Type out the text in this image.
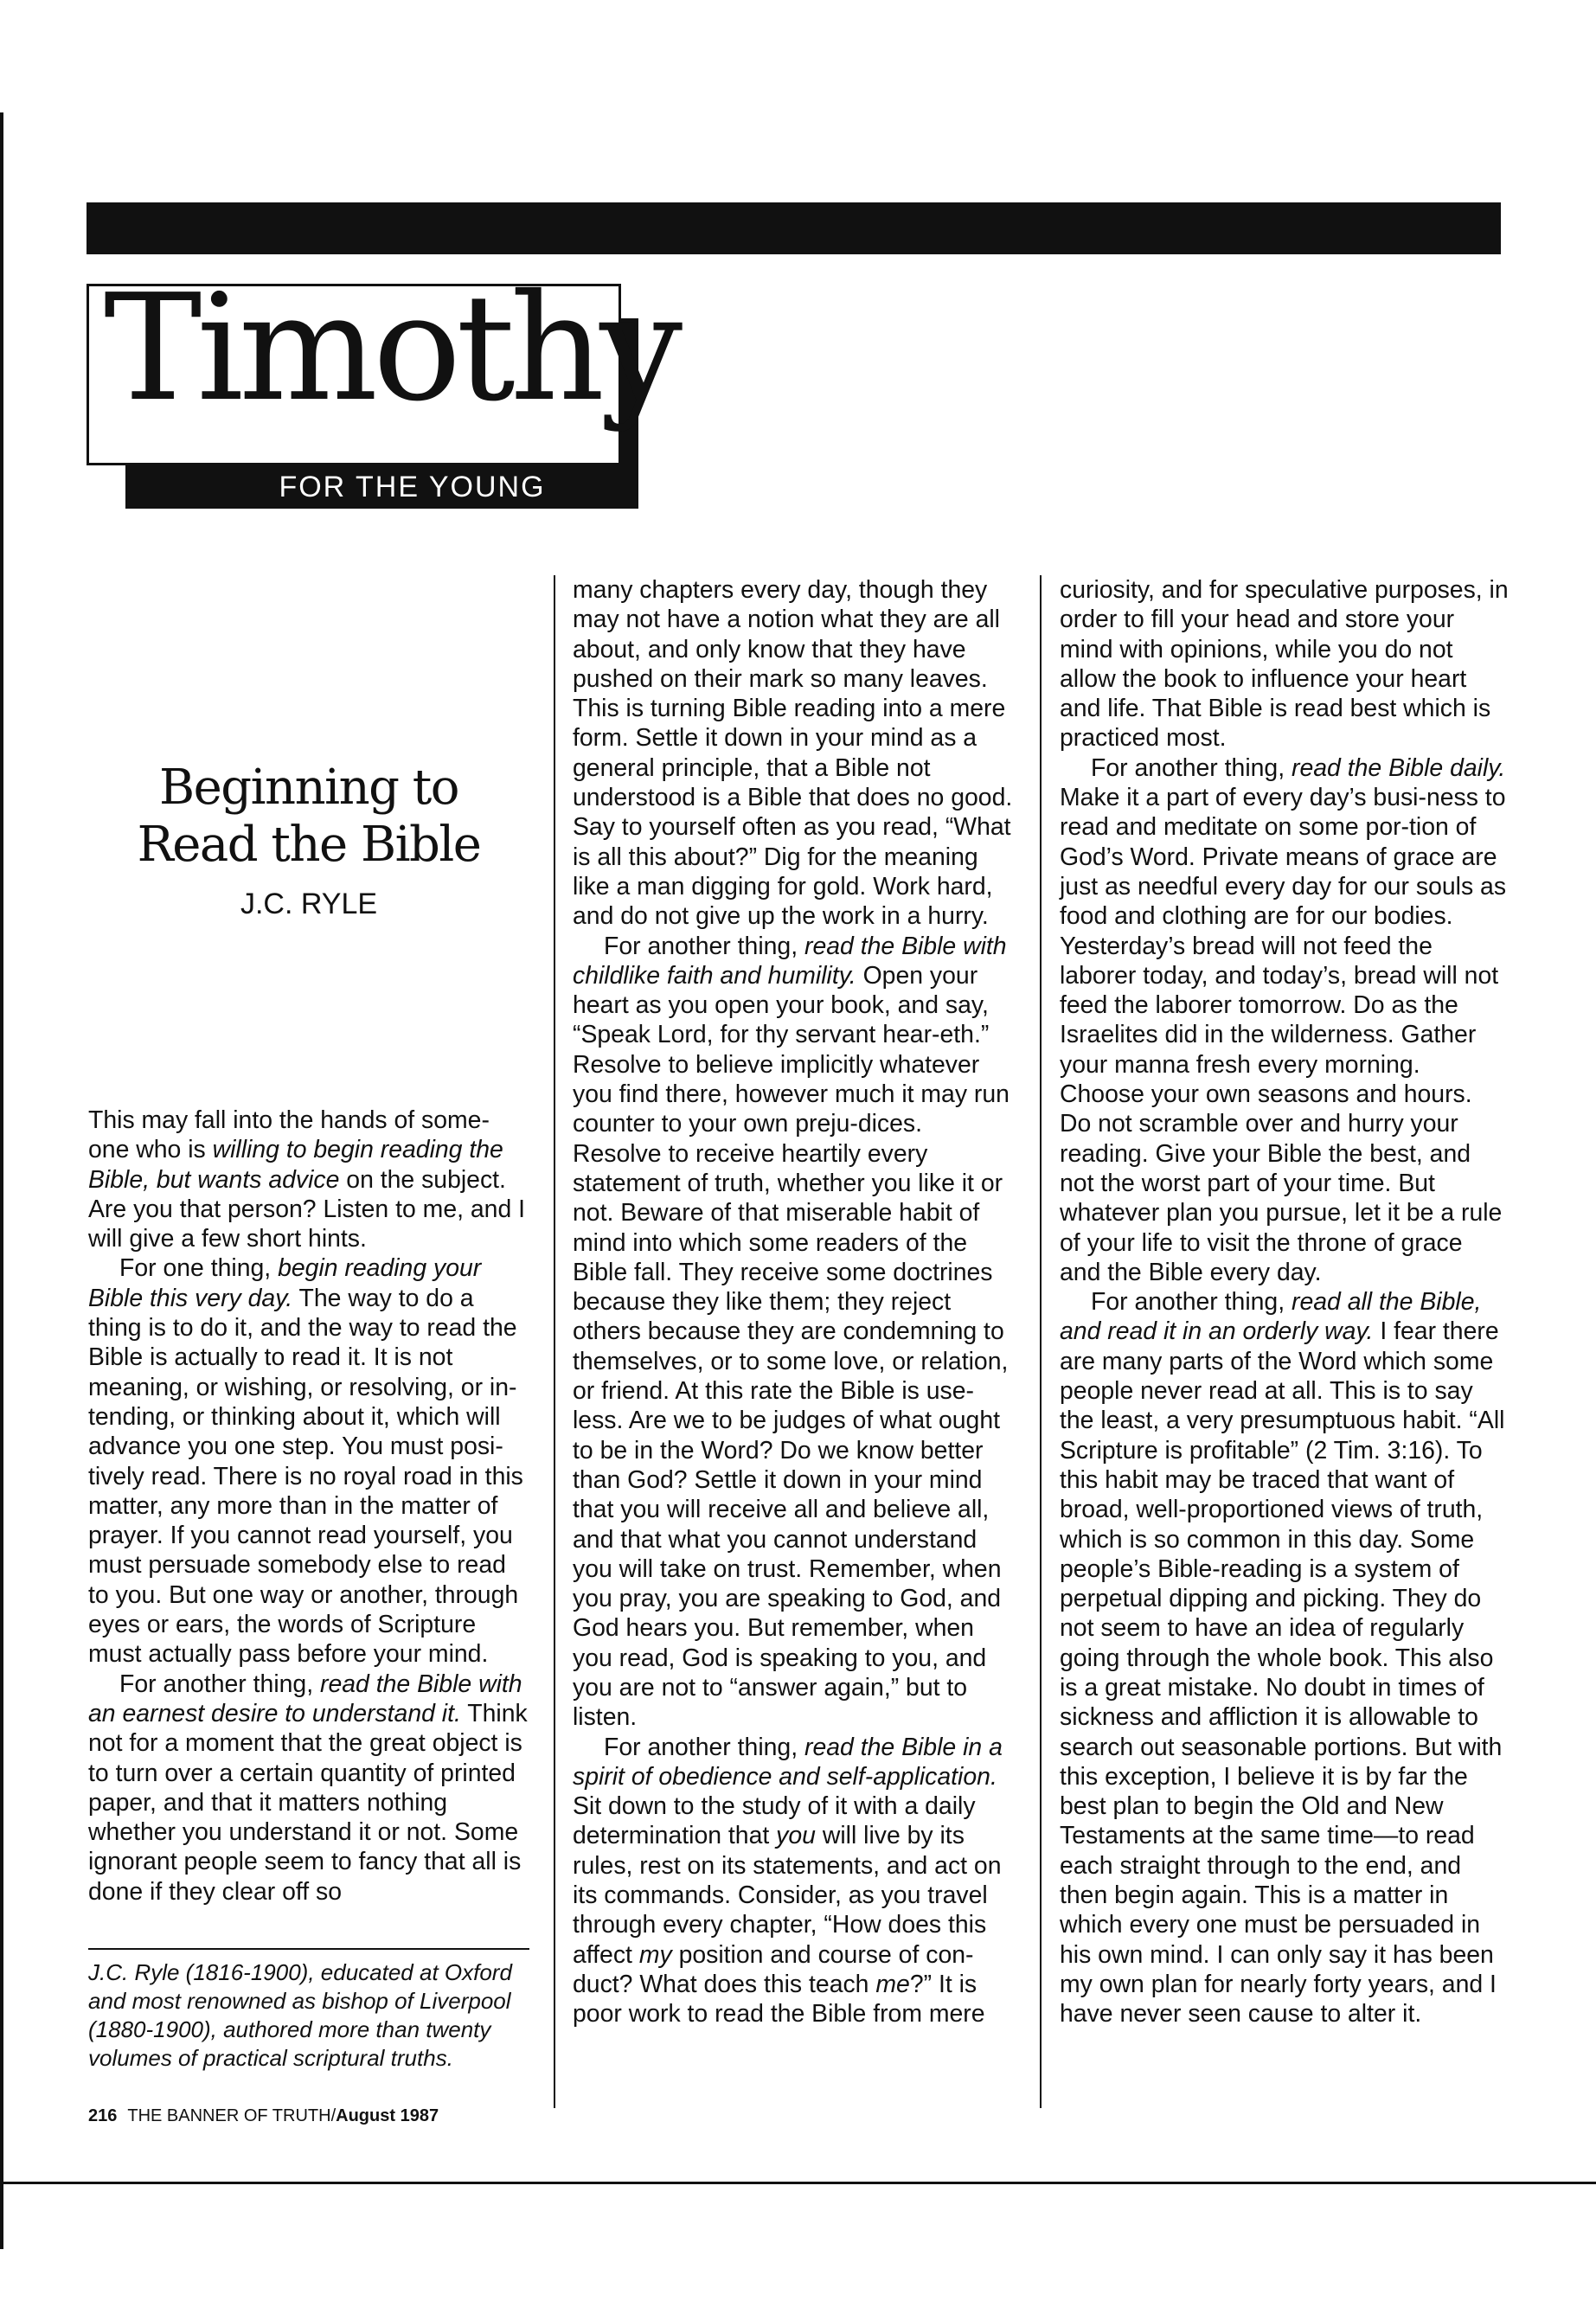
Timothy
FOR THE YOUNG
Beginning to
Read the Bible
J.C. RYLE

This may fall into the hands of some-one who is willing to begin reading the Bible, but wants advice on the subject. Are you that person? Listen to me, and I will give a few short hints.

For one thing, begin reading your Bible this very day. The way to do a thing is to do it, and the way to read the Bible is actually to read it. It is not meaning, or wishing, or resolving, or in-tending, or thinking about it, which will advance you one step. You must posi-tively read. There is no royal road in this matter, any more than in the matter of prayer. If you cannot read yourself, you must persuade somebody else to read to you. But one way or another, through eyes or ears, the words of Scripture must actually pass before your mind.

For another thing, read the Bible with an earnest desire to understand it. Think not for a moment that the great object is to turn over a certain quantity of printed paper, and that it matters nothing whether you understand it or not. Some ignorant people seem to fancy that all is done if they clear off so

many chapters every day, though they may not have a notion what they are all about, and only know that they have pushed on their mark so many leaves. This is turning Bible reading into a mere form. Settle it down in your mind as a general principle, that a Bible not understood is a Bible that does no good. Say to yourself often as you read, “What is all this about?” Dig for the meaning like a man digging for gold. Work hard, and do not give up the work in a hurry.

For another thing, read the Bible with childlike faith and humility. Open your heart as you open your book, and say, “Speak Lord, for thy servant hear-eth.” Resolve to believe implicitly whatever you find there, however much it may run counter to your own preju-dices. Resolve to receive heartily every statement of truth, whether you like it or not. Beware of that miserable habit of mind into which some readers of the Bible fall. They receive some doctrines because they like them; they reject others because they are condemning to themselves, or to some love, or relation, or friend. At this rate the Bible is use-less. Are we to be judges of what ought to be in the Word? Do we know better than God? Settle it down in your mind that you will receive all and believe all, and that what you cannot understand you will take on trust. Remember, when you pray, you are speaking to God, and God hears you. But remember, when you read, God is speaking to you, and you are not to “answer again,” but to listen.

For another thing, read the Bible in a spirit of obedience and self-application. Sit down to the study of it with a daily determination that you will live by its rules, rest on its statements, and act on its commands. Consider, as you travel through every chapter, “How does this affect my position and course of con-duct? What does this teach me?” It is poor work to read the Bible from mere

curiosity, and for speculative purposes, in order to fill your head and store your mind with opinions, while you do not allow the book to influence your heart and life. That Bible is read best which is practiced most.

For another thing, read the Bible daily. Make it a part of every day’s busi-ness to read and meditate on some por-tion of God’s Word. Private means of grace are just as needful every day for our souls as food and clothing are for our bodies. Yesterday’s bread will not feed the laborer today, and today’s, bread will not feed the laborer tomorrow. Do as the Israelites did in the wilderness. Gather your manna fresh every morning. Choose your own seasons and hours. Do not scramble over and hurry your reading. Give your Bible the best, and not the worst part of your time. But whatever plan you pursue, let it be a rule of your life to visit the throne of grace and the Bible every day.

For another thing, read all the Bible, and read it in an orderly way. I fear there are many parts of the Word which some people never read at all. This is to say the least, a very presumptuous habit. “All Scripture is profitable” (2 Tim. 3:16). To this habit may be traced that want of broad, well-proportioned views of truth, which is so common in this day. Some people’s Bible-reading is a system of perpetual dipping and picking. They do not seem to have an idea of regularly going through the whole book. This also is a great mistake. No doubt in times of sickness and affliction it is allowable to search out seasonable portions. But with this exception, I believe it is by far the best plan to begin the Old and New Testaments at the same time—to read each straight through to the end, and then begin again. This is a matter in which every one must be persuaded in his own mind. I can only say it has been my own plan for nearly forty years, and I have never seen cause to alter it.

J.C. Ryle (1816-1900), educated at Oxford and most renowned as bishop of Liverpool (1880-1900), authored more than twenty volumes of practical scriptural truths.
216 THE BANNER OF TRUTH/August 1987
